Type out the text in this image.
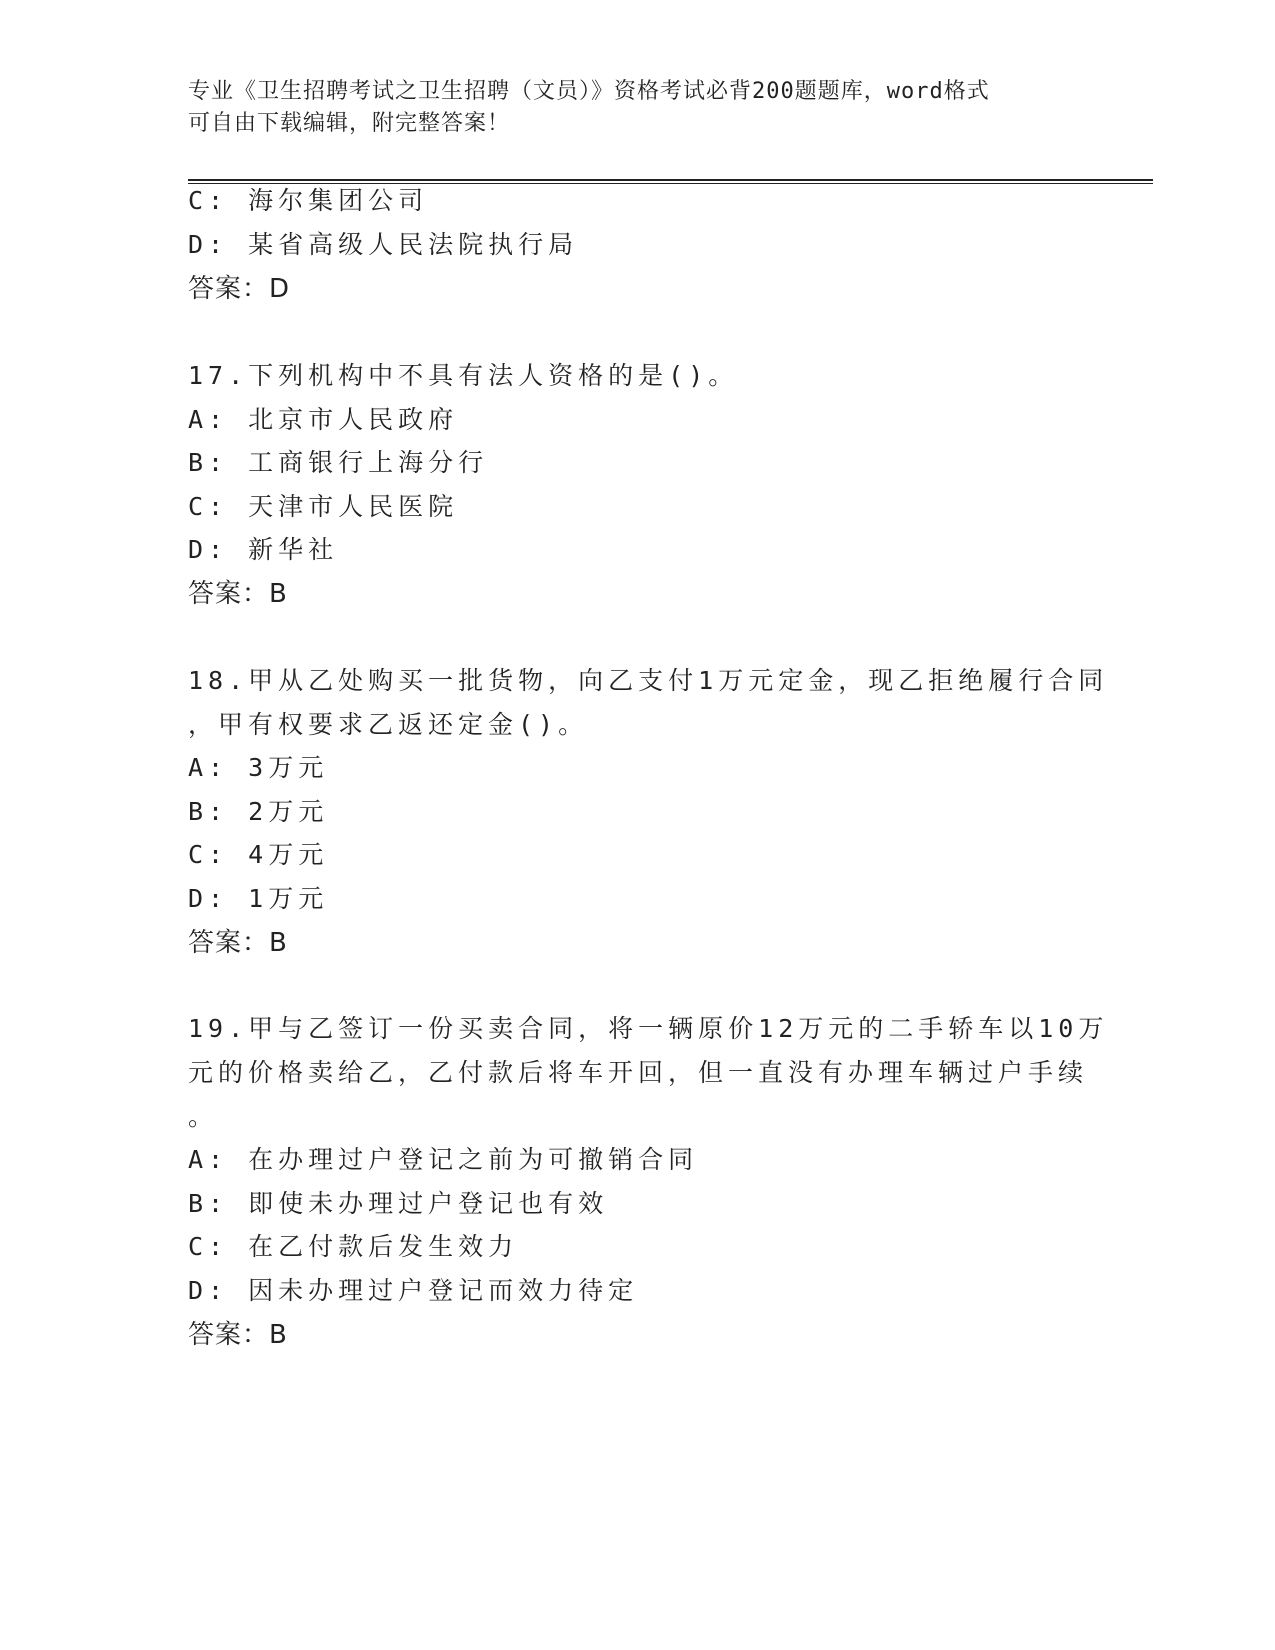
专业《卫生招聘考试之卫生招聘（文员）》资格考试必背200题题库，word格式
可自由下载编辑，附完整答案！
C: 海尔集团公司
D: 某省高级人民法院执行局
答案：D
17.下列机构中不具有法人资格的是()。
A: 北京市人民政府
B: 工商银行上海分行
C: 天津市人民医院
D: 新华社
答案：B
18.甲从乙处购买一批货物，向乙支付1万元定金，现乙拒绝履行合同
，甲有权要求乙返还定金()。
A: 3万元
B: 2万元
C: 4万元
D: 1万元
答案：B
19.甲与乙签订一份买卖合同，将一辆原价12万元的二手轿车以10万
元的价格卖给乙，乙付款后将车开回，但一直没有办理车辆过户手续
。
A: 在办理过户登记之前为可撤销合同
B: 即使未办理过户登记也有效
C: 在乙付款后发生效力
D: 因未办理过户登记而效力待定
答案：B
